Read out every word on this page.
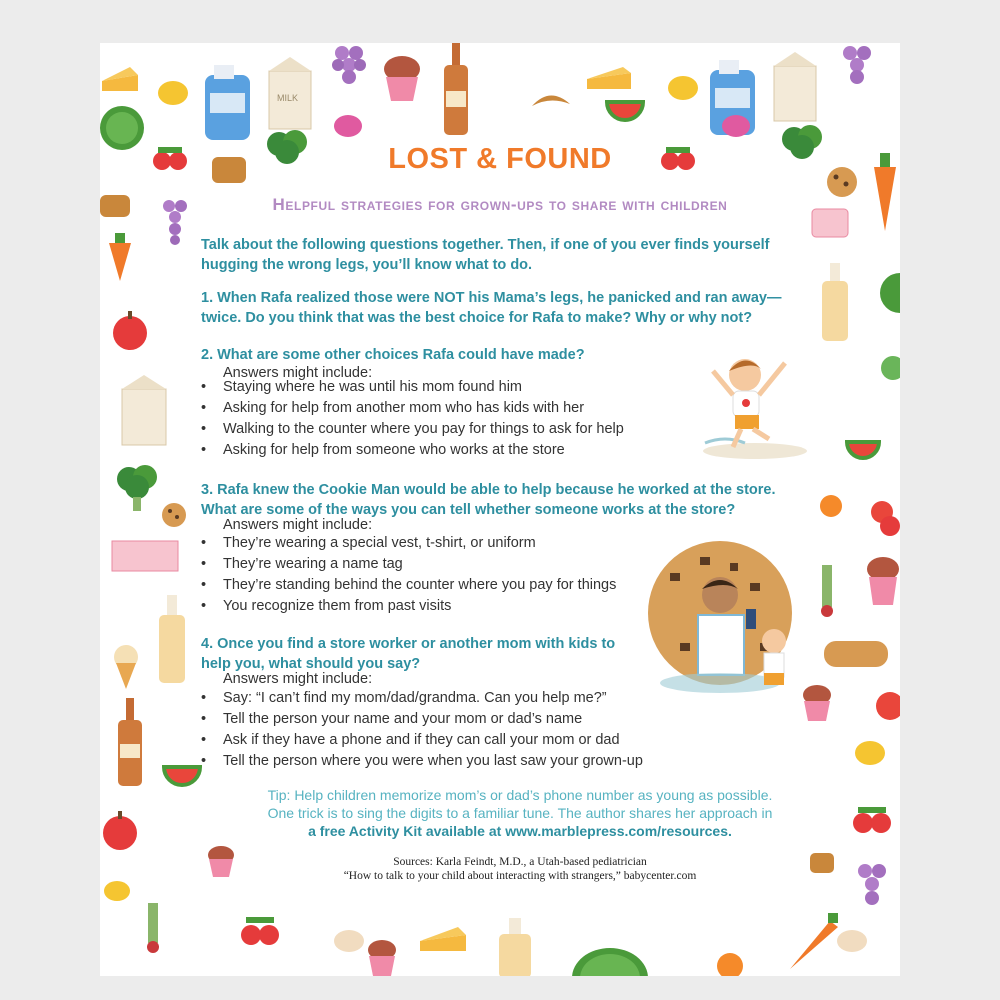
MILK
LOST & FOUND
Helpful strategies for grown-ups to share with children
Talk about the following questions together. Then, if one of you ever finds yourself hugging the wrong legs, you’ll know what to do.
1. When Rafa realized those were NOT his Mama’s legs, he panicked and ran away—twice. Do you think that was the best choice for Rafa to make? Why or why not?
2. What are some other choices Rafa could have made?
Answers might include:
• Staying where he was until his mom found him
• Asking for help from another mom who has kids with her
• Walking to the counter where you pay for things to ask for help
• Asking for help from someone who works at the store
3. Rafa knew the Cookie Man would be able to help because he worked at the store. What are some of the ways you can tell whether someone works at the store?
Answers might include:
• They’re wearing a special vest, t-shirt, or uniform
• They’re wearing a name tag
• They’re standing behind the counter where you pay for things
• You recognize them from past visits
4. Once you find a store worker or another mom with kids to help you, what should you say?
Answers might include:
• Say: “I can’t find my mom/dad/grandma. Can you help me?”
• Tell the person your name and your mom or dad’s name
• Ask if they have a phone and if they can call your mom or dad
• Tell the person where you were when you last saw your grown-up
Tip: Help children memorize mom’s or dad’s phone number as young as possible.
One trick is to sing the digits to a familiar tune. The author shares her approach in
a free Activity Kit available at www.marblepress.com/resources.
Sources: Karla Feindt, M.D., a Utah-based pediatrician
“How to talk to your child about interacting with strangers,” babycenter.com
